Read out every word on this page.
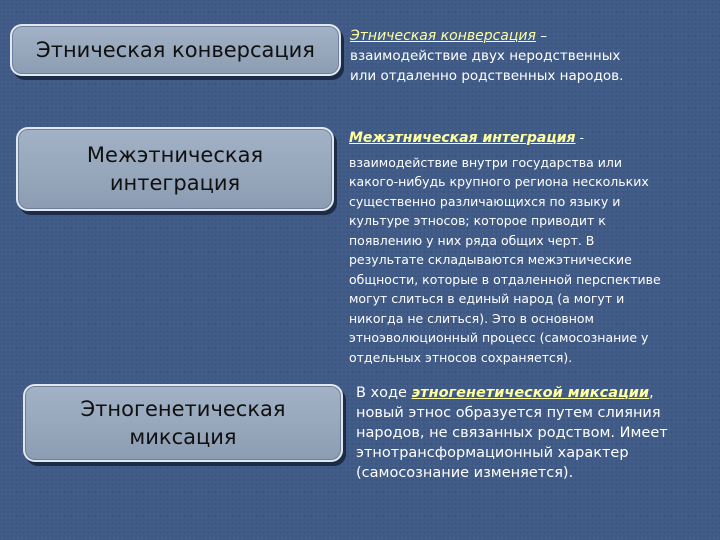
Этническая конверсация
Межэтническая
интеграция
Этногенетическая
миксация
Этническая конверсация –
взаимодействие двух неродственных
или отдаленно родственных народов.
Межэтническая интеграция -
взаимодействие внутри государства или
какого-нибудь крупного региона нескольких
существенно различающихся по языку и
культуре этносов; которое приводит к
появлению у них ряда общих черт. В
результате складываются межэтнические
общности, которые в отдаленной перспективе
могут слиться в единый народ (а могут и
никогда не слиться). Это в основном
этноэволюционный процесс (самосознание у
отдельных этносов сохраняется).
В ходе этногенетической миксации,
новый этнос образуется путем слияния
народов, не связанных родством. Имеет
этнотрансформационный характер
(самосознание изменяется).
